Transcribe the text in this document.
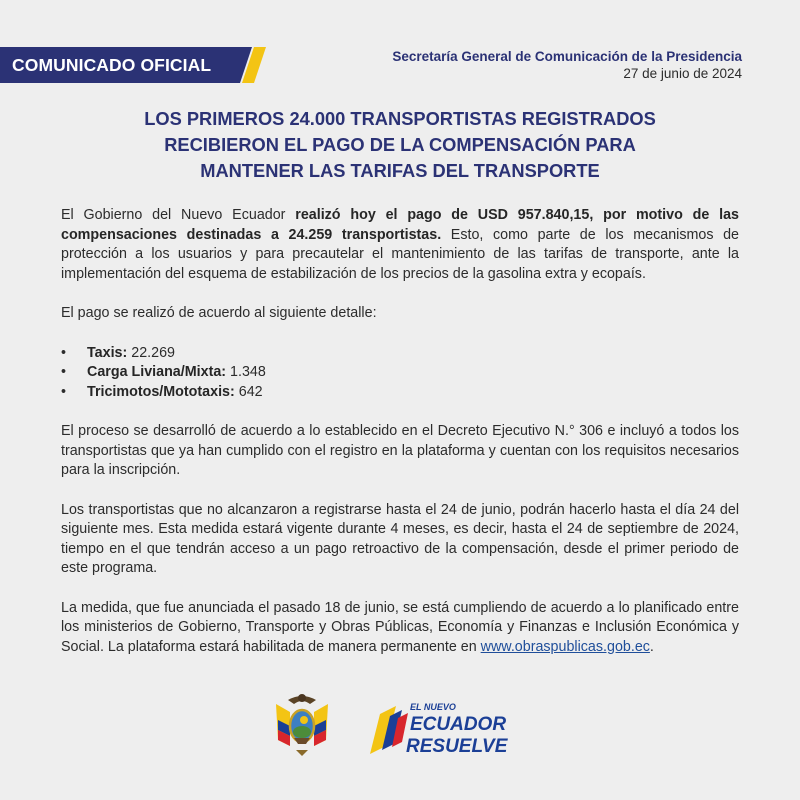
COMUNICADO OFICIAL	Secretaría General de Comunicación de la Presidencia
27 de junio de 2024
LOS PRIMEROS 24.000 TRANSPORTISTAS REGISTRADOS
RECIBIERON EL PAGO DE LA COMPENSACIÓN PARA
MANTENER LAS TARIFAS DEL TRANSPORTE

El Gobierno del Nuevo Ecuador realizó hoy el pago de USD 957.840,15, por motivo de las compensaciones destinadas a 24.259 transportistas. Esto, como parte de los mecanismos de protección a los usuarios y para precautelar el mantenimiento de las tarifas de transporte, ante la implementación del esquema de estabilización de los precios de la gasolina extra y ecopaís.

El pago se realizó de acuerdo al siguiente detalle:

• Taxis: 22.269
• Carga Liviana/Mixta: 1.348
• Tricimotos/Mototaxis: 642

El proceso se desarrolló de acuerdo a lo establecido en el Decreto Ejecutivo N.° 306 e incluyó a todos los transportistas que ya han cumplido con el registro en la plataforma y cuentan con los requisitos necesarios para la inscripción.

Los transportistas que no alcanzaron a registrarse hasta el 24 de junio, podrán hacerlo hasta el día 24 del siguiente mes. Esta medida estará vigente durante 4 meses, es decir, hasta el 24 de septiembre de 2024, tiempo en el que tendrán acceso a un pago retroactivo de la compensación, desde el primer periodo de este programa.

La medida, que fue anunciada el pasado 18 de junio, se está cumpliendo de acuerdo a lo planificado entre los ministerios de Gobierno, Transporte y Obras Públicas, Economía y Finanzas e Inclusión Económica y Social. La plataforma estará habilitada de manera permanente en www.obraspublicas.gob.ec.

EL NUEVO
ECUADOR
RESUELVE
